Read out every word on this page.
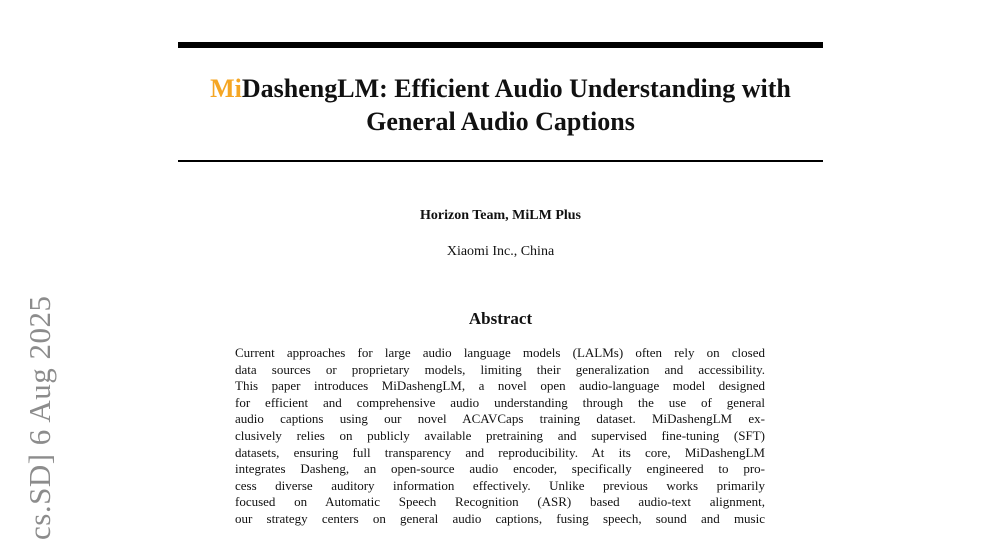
MiDashengLM: Efficient Audio Understanding with
General Audio Captions
Horizon Team, MiLM Plus
Xiaomi Inc., China
Abstract
Current approaches for large audio language models (LALMs) often rely on closed
data sources or proprietary models, limiting their generalization and accessibility.
This paper introduces MiDashengLM, a novel open audio-language model designed
for efficient and comprehensive audio understanding through the use of general
audio captions using our novel ACAVCaps training dataset. MiDashengLM ex-
clusively relies on publicly available pretraining and supervised fine-tuning (SFT)
datasets, ensuring full transparency and reproducibility. At its core, MiDashengLM
integrates Dasheng, an open-source audio encoder, specifically engineered to pro-
cess diverse auditory information effectively. Unlike previous works primarily
focused on Automatic Speech Recognition (ASR) based audio-text alignment,
our strategy centers on general audio captions, fusing speech, sound and music
cs.SD] 6 Aug 2025
